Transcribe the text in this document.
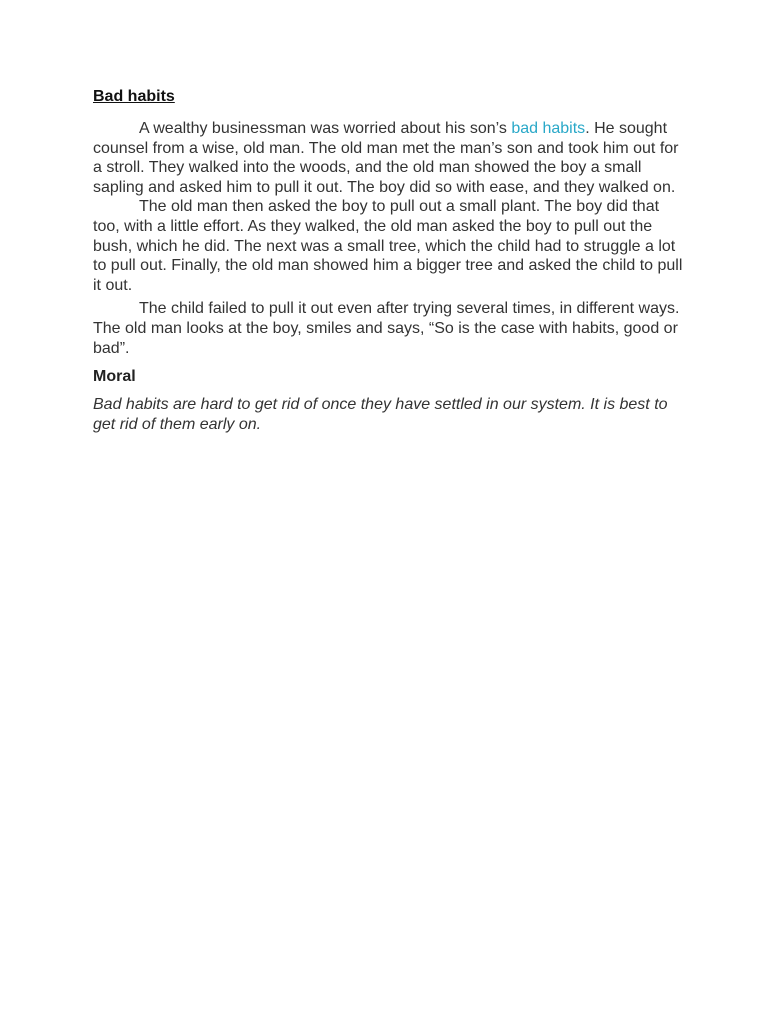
Bad habits

A wealthy businessman was worried about his son’s bad habits. He sought counsel from a wise, old man. The old man met the man’s son and took him out for a stroll. They walked into the woods, and the old man showed the boy a small sapling and asked him to pull it out. The boy did so with ease, and they walked on.

The old man then asked the boy to pull out a small plant. The boy did that too, with a little effort. As they walked, the old man asked the boy to pull out the bush, which he did. The next was a small tree, which the child had to struggle a lot to pull out. Finally, the old man showed him a bigger tree and asked the child to pull it out.

The child failed to pull it out even after trying several times, in different ways. The old man looks at the boy, smiles and says, “So is the case with habits, good or bad”.

Moral

Bad habits are hard to get rid of once they have settled in our system. It is best to get rid of them early on.
